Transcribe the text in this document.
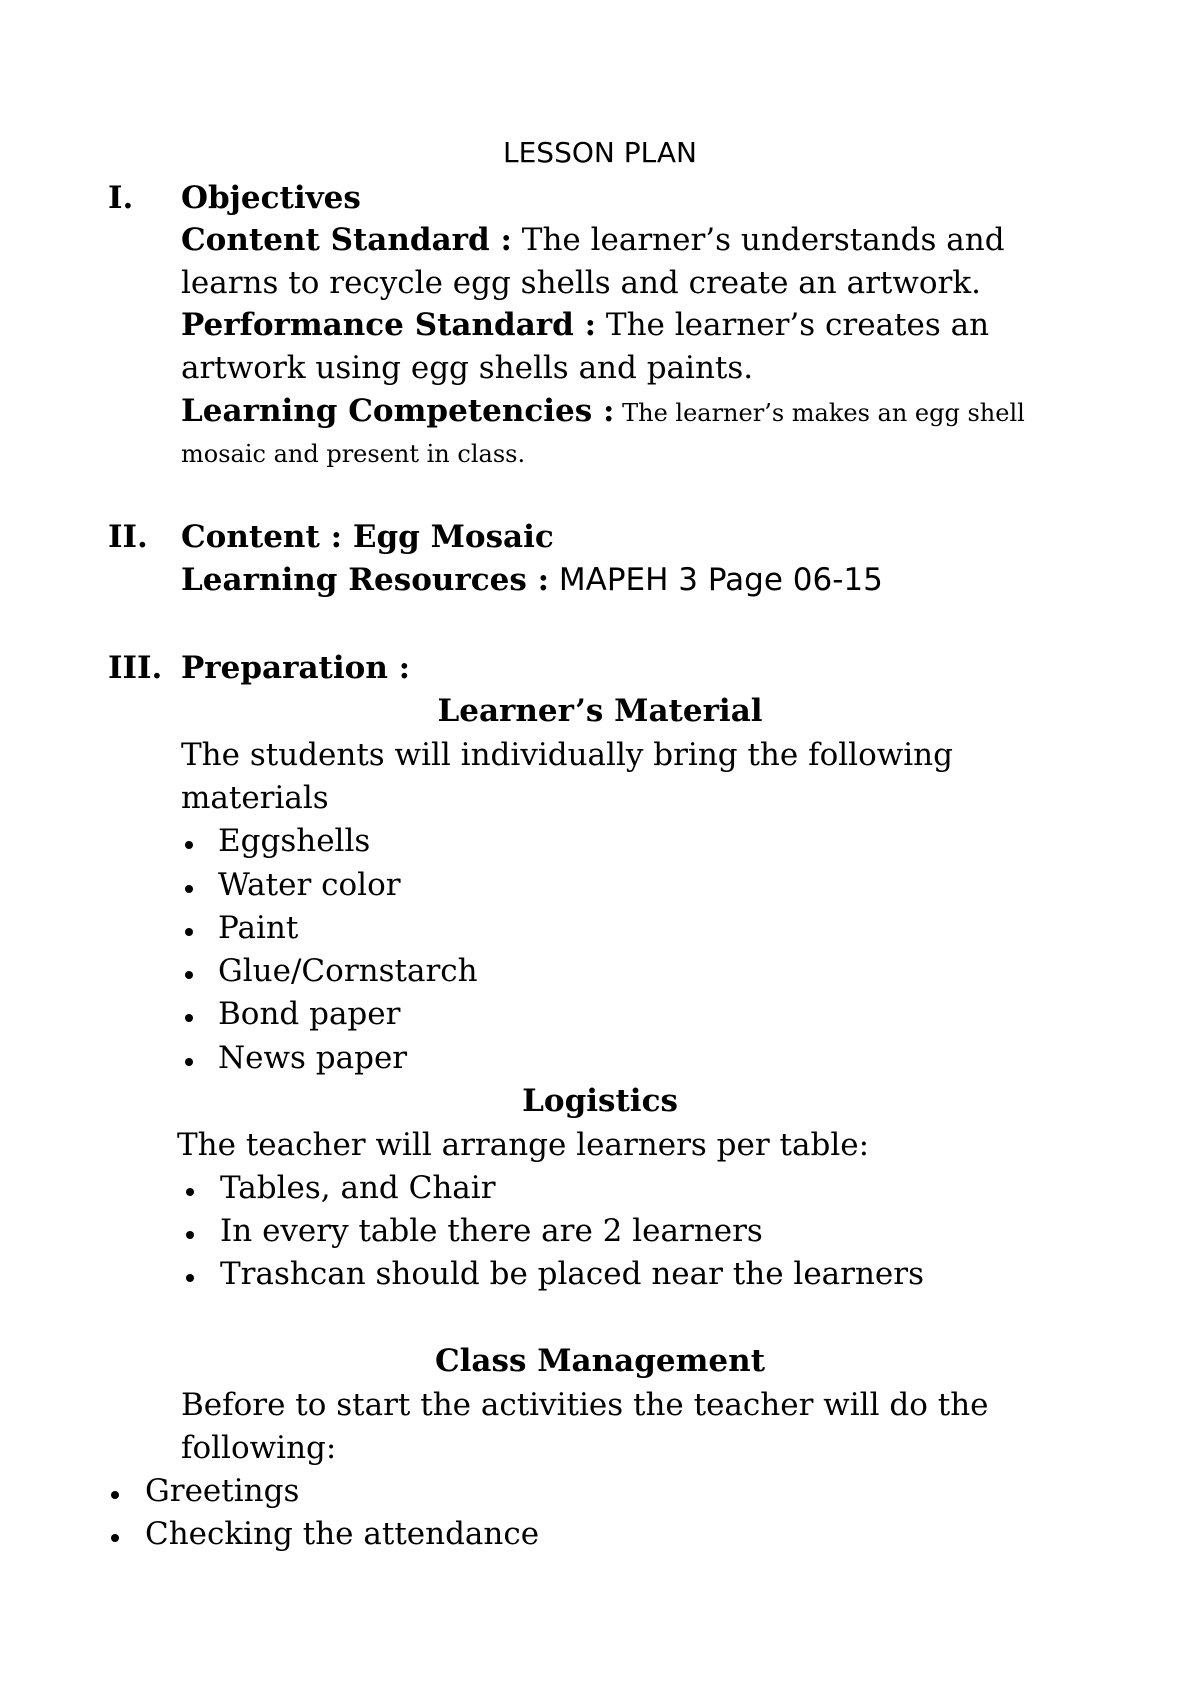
LESSON PLAN
I. Objectives
Content Standard : The learner’s understands and
learns to recycle egg shells and create an artwork.
Performance Standard : The learner’s creates an
artwork using egg shells and paints.
Learning Competencies : The learner’s makes an egg shell
mosaic and present in class.
II. Content : Egg Mosaic
Learning Resources : MAPEH 3 Page 06-15
III. Preparation :
Learner’s Material
The students will individually bring the following
materials
Eggshells
Water color
Paint
Glue/Cornstarch
Bond paper
News paper
Logistics
The teacher will arrange learners per table:
Tables, and Chair
In every table there are 2 learners
Trashcan should be placed near the learners
Class Management
Before to start the activities the teacher will do the
following:
Greetings
Checking the attendance
